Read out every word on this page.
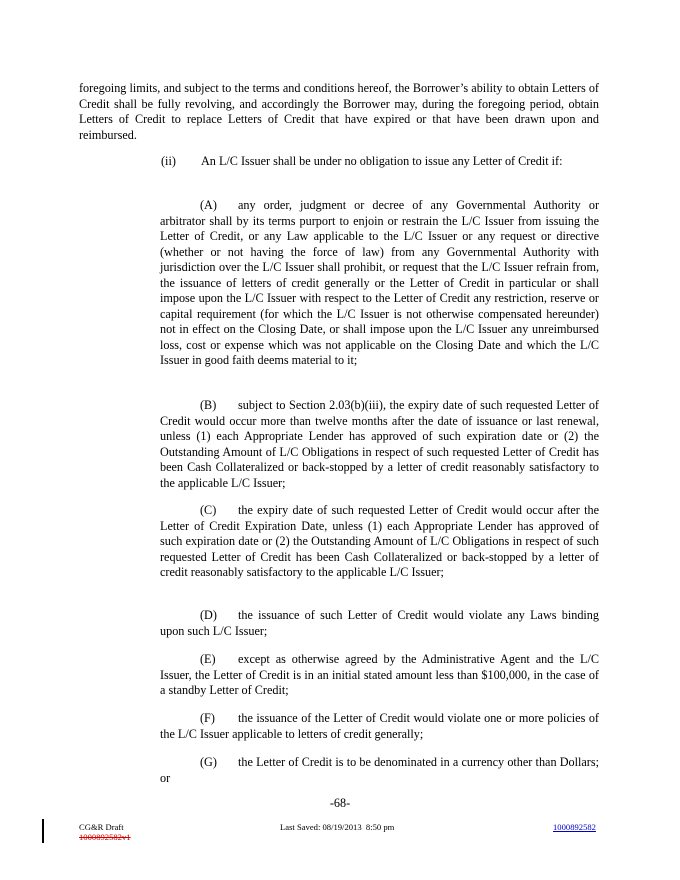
foregoing limits, and subject to the terms and conditions hereof, the Borrower’s ability to obtain Letters of Credit shall be fully revolving, and accordingly the Borrower may, during the foregoing period, obtain Letters of Credit to replace Letters of Credit that have expired or that have been drawn upon and reimbursed.

(ii) An L/C Issuer shall be under no obligation to issue any Letter of Credit if:

(A) any order, judgment or decree of any Governmental Authority or arbitrator shall by its terms purport to enjoin or restrain the L/C Issuer from issuing the Letter of Credit, or any Law applicable to the L/C Issuer or any request or directive (whether or not having the force of law) from any Governmental Authority with jurisdiction over the L/C Issuer shall prohibit, or request that the L/C Issuer refrain from, the issuance of letters of credit generally or the Letter of Credit in particular or shall impose upon the L/C Issuer with respect to the Letter of Credit any restriction, reserve or capital requirement (for which the L/C Issuer is not otherwise compensated hereunder) not in effect on the Closing Date, or shall impose upon the L/C Issuer any unreimbursed loss, cost or expense which was not applicable on the Closing Date and which the L/C Issuer in good faith deems material to it;

(B) subject to Section 2.03(b)(iii), the expiry date of such requested Letter of Credit would occur more than twelve months after the date of issuance or last renewal, unless (1) each Appropriate Lender has approved of such expiration date or (2) the Outstanding Amount of L/C Obligations in respect of such requested Letter of Credit has been Cash Collateralized or back-stopped by a letter of credit reasonably satisfactory to the applicable L/C Issuer;

(C) the expiry date of such requested Letter of Credit would occur after the Letter of Credit Expiration Date, unless (1) each Appropriate Lender has approved of such expiration date or (2) the Outstanding Amount of L/C Obligations in respect of such requested Letter of Credit has been Cash Collateralized or back-stopped by a letter of credit reasonably satisfactory to the applicable L/C Issuer;

(D) the issuance of such Letter of Credit would violate any Laws binding upon such L/C Issuer;

(E) except as otherwise agreed by the Administrative Agent and the L/C Issuer, the Letter of Credit is in an initial stated amount less than $100,000, in the case of a standby Letter of Credit;

(F) the issuance of the Letter of Credit would violate one or more policies of the L/C Issuer applicable to letters of credit generally;

(G) the Letter of Credit is to be denominated in a currency other than Dollars; or

-68-
CG&R Draft
1000892582v1
Last Saved: 08/19/2013  8:50 pm	1000892582
